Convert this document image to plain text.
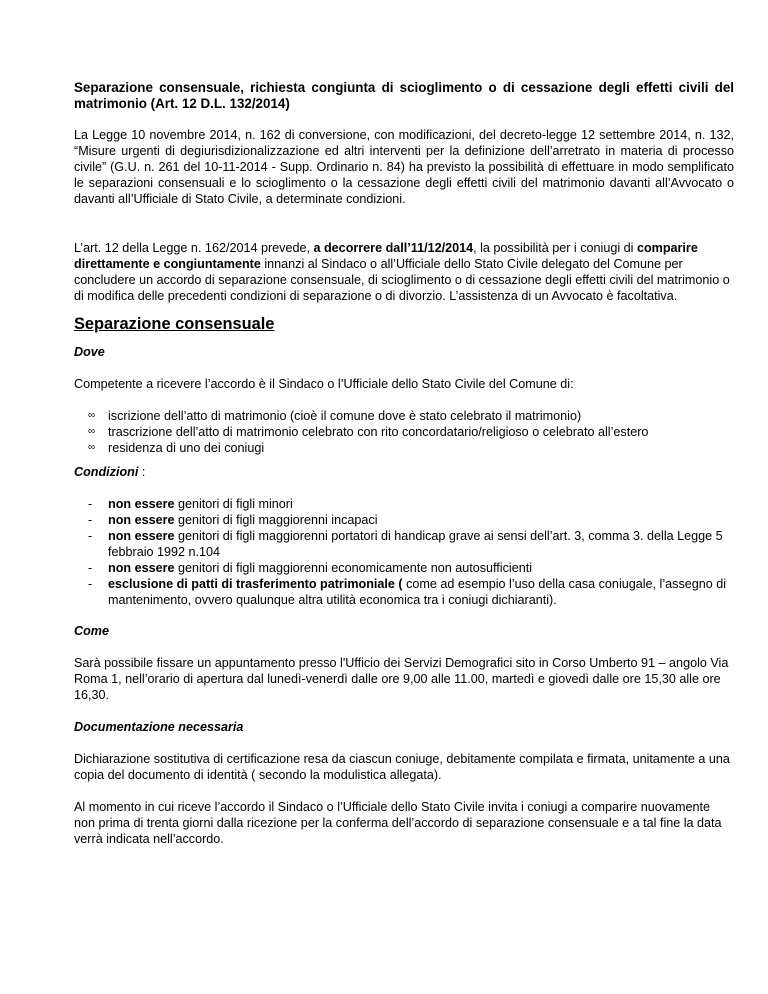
Separazione consensuale, richiesta congiunta di scioglimento o di cessazione degli effetti civili del matrimonio (Art. 12 D.L. 132/2014)

La Legge 10 novembre 2014, n. 162 di conversione, con modificazioni, del decreto-legge 12 settembre 2014, n. 132, “Misure urgenti di degiurisdizionalizzazione ed altri interventi per la definizione dell’arretrato in materia di processo civile” (G.U. n. 261 del 10-11-2014 - Supp. Ordinario n. 84) ha previsto la possibilità di effettuare in modo semplificato le separazioni consensuali e lo scioglimento o la cessazione degli effetti civili del matrimonio davanti all’Avvocato o davanti all’Ufficiale di Stato Civile, a determinate condizioni.

L’art. 12 della Legge n. 162/2014 prevede, a decorrere dall’11/12/2014, la possibilità per i coniugi di comparire direttamente e congiuntamente innanzi al Sindaco o all’Ufficiale dello Stato Civile delegato del Comune per concludere un accordo di separazione consensuale, di scioglimento o di cessazione degli effetti civili del matrimonio o di modifica delle precedenti condizioni di separazione o di divorzio. L’assistenza di un Avvocato è facoltativa.

Separazione consensuale

Dove

Competente a ricevere l’accordo è il Sindaco o l’Ufficiale dello Stato Civile del Comune di:

∞ iscrizione dell’atto di matrimonio (cioè il comune dove è stato celebrato il matrimonio)
∞ trascrizione dell’atto di matrimonio celebrato con rito concordatario/religioso o celebrato all’estero
∞ residenza di uno dei coniugi

Condizioni :

- non essere genitori di figli minori
- non essere genitori di figli maggiorenni incapaci
- non essere genitori di figli maggiorenni portatori di handicap grave ai sensi dell’art. 3, comma 3. della Legge 5 febbraio 1992 n.104
- non essere genitori di figli maggiorenni economicamente non autosufficienti
- esclusione di patti di trasferimento patrimoniale ( come ad esempio l’uso della casa coniugale, l’assegno di mantenimento, ovvero qualunque altra utilità economica tra i coniugi dichiaranti).

Come

Sarà possibile fissare un appuntamento presso l'Ufficio dei Servizi Demografici sito in Corso Umberto 91 – angolo Via Roma 1, nell’orario di apertura dal lunedì-venerdì dalle ore 9,00 alle 11.00, martedì e giovedì dalle ore 15,30 alle ore 16,30.

Documentazione necessaria

Dichiarazione sostitutiva di certificazione resa da ciascun coniuge, debitamente compilata e firmata, unitamente a una copia del documento di identità ( secondo la modulistica allegata).

Al momento in cui riceve l’accordo il Sindaco o l’Ufficiale dello Stato Civile invita i coniugi a comparire nuovamente non prima di trenta giorni dalla ricezione per la conferma dell’accordo di separazione consensuale e a tal fine la data verrà indicata nell’accordo.
